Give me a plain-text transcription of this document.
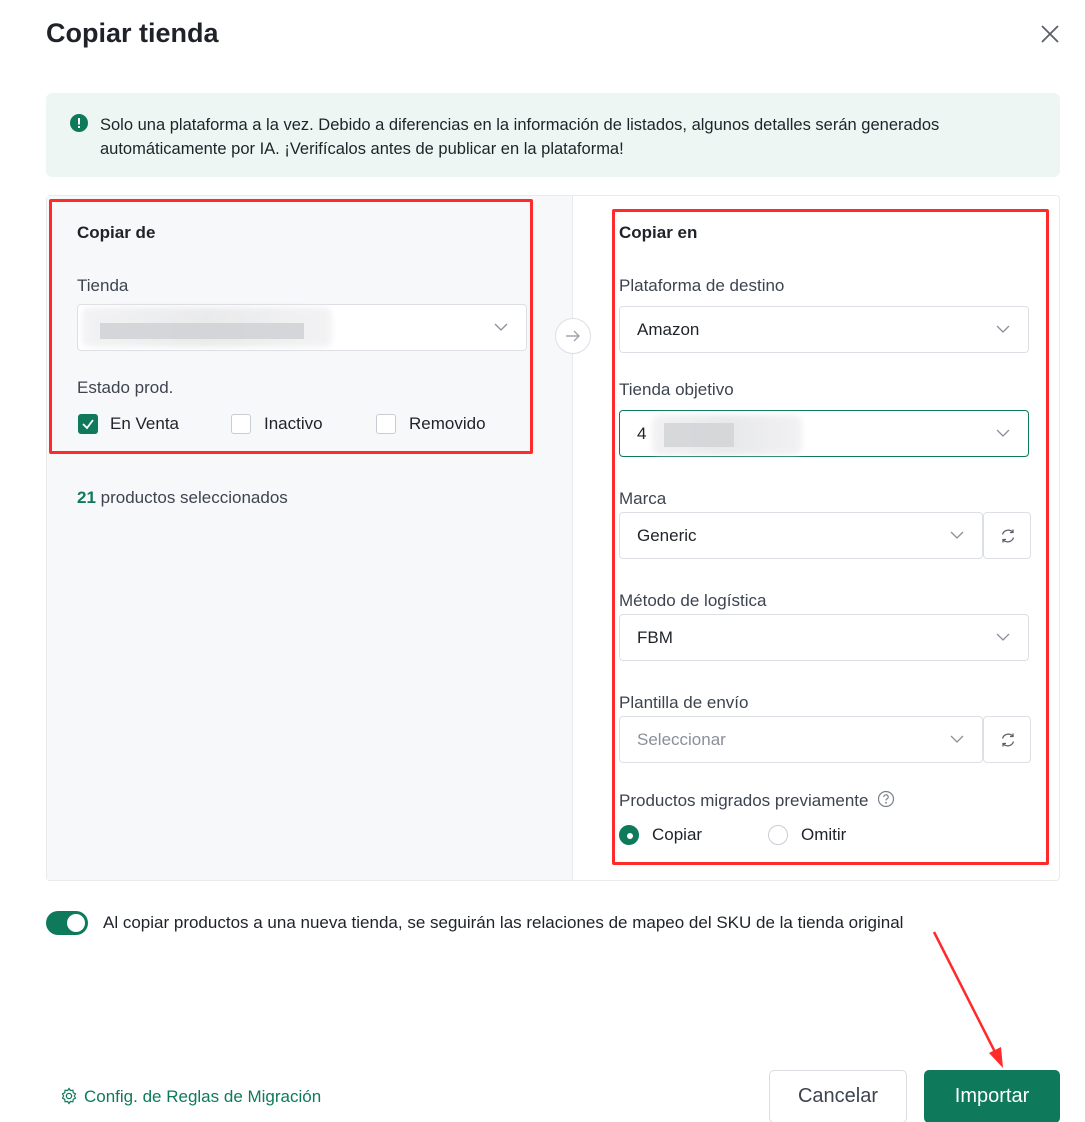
Copiar tienda
Solo una plataforma a la vez. Debido a diferencias en la información de listados, algunos detalles serán generados automáticamente por IA. ¡Verifícalos antes de publicar en la plataforma!
Copiar de
Tienda
Estado prod.
En Venta	Inactivo	Removido
21 productos seleccionados
Copiar en
Plataforma de destino
Amazon
Tienda objetivo
4
Marca
Generic
Método de logística
FBM
Plantilla de envío
Seleccionar
Productos migrados previamente
Copiar	Omitir
Al copiar productos a una nueva tienda, se seguirán las relaciones de mapeo del SKU de la tienda original
Config. de Reglas de Migración	Cancelar	Importar
